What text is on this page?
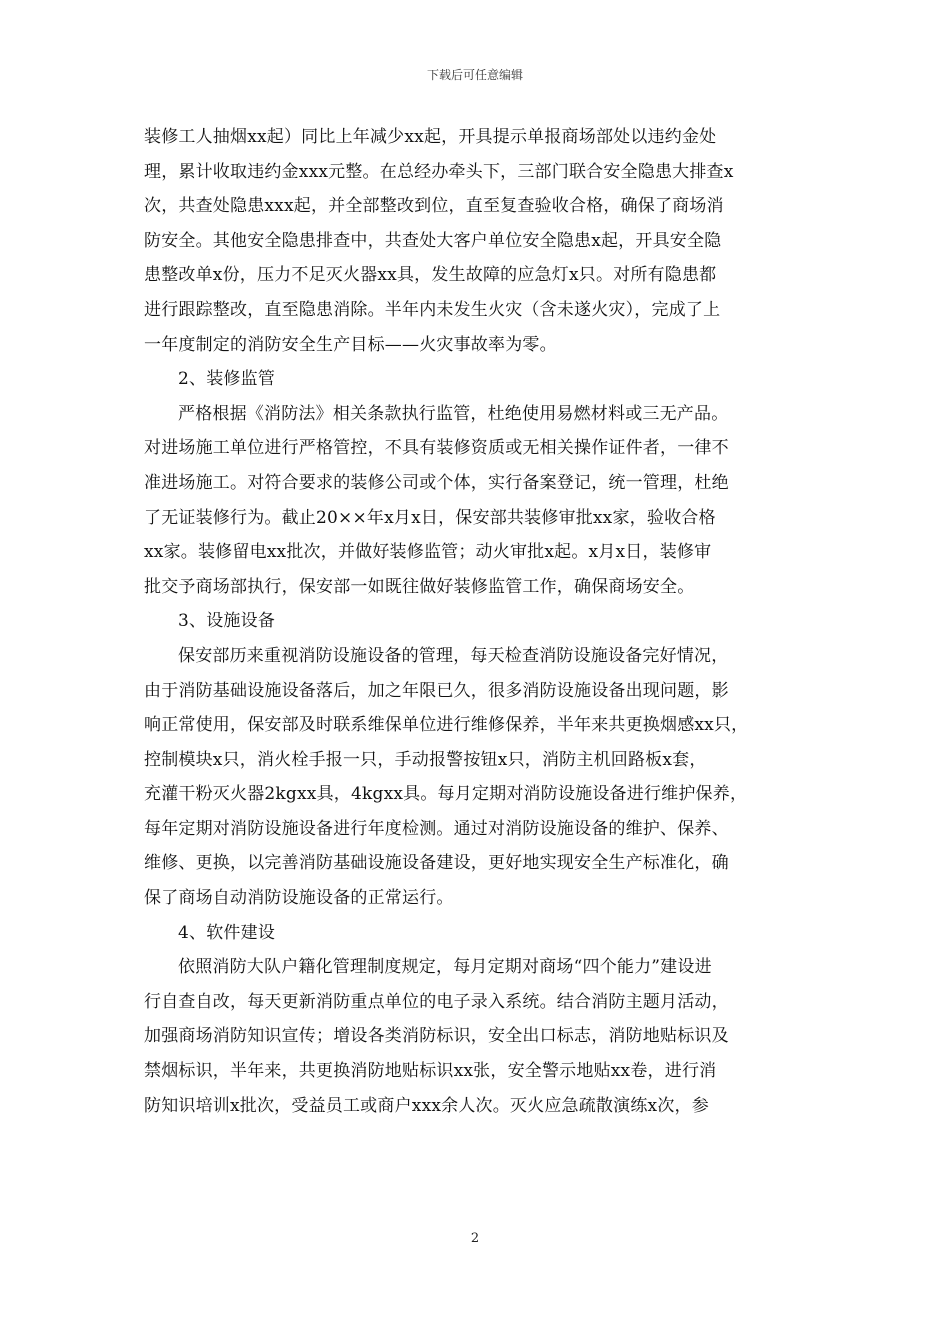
下载后可任意编辑
装修工人抽烟xx起）同比上年减少xx起，开具提示单报商场部处以违约金处
理，累计收取违约金xxx元整。在总经办牵头下，三部门联合安全隐患大排查x
次，共查处隐患xxx起，并全部整改到位，直至复查验收合格，确保了商场消
防安全。其他安全隐患排查中，共查处大客户单位安全隐患x起，开具安全隐
患整改单x份，压力不足灭火器xx具，发生故障的应急灯x只。对所有隐患都
进行跟踪整改，直至隐患消除。半年内未发生火灾（含未遂火灾），完成了上
一年度制定的消防安全生产目标——火灾事故率为零。
2、装修监管
严格根据《消防法》相关条款执行监管，杜绝使用易燃材料或三无产品。
对进场施工单位进行严格管控，不具有装修资质或无相关操作证件者，一律不
准进场施工。对符合要求的装修公司或个体，实行备案登记，统一管理，杜绝
了无证装修行为。截止20××年x月x日，保安部共装修审批xx家，验收合格
xx家。装修留电xx批次，并做好装修监管；动火审批x起。x月x日，装修审
批交予商场部执行，保安部一如既往做好装修监管工作，确保商场安全。
3、设施设备
保安部历来重视消防设施设备的管理，每天检查消防设施设备完好情况，
由于消防基础设施设备落后，加之年限已久，很多消防设施设备出现问题，影
响正常使用，保安部及时联系维保单位进行维修保养，半年来共更换烟感xx只，
控制模块x只，消火栓手报一只，手动报警按钮x只，消防主机回路板x套，
充灌干粉灭火器2kgxx具，4kgxx具。每月定期对消防设施设备进行维护保养，
每年定期对消防设施设备进行年度检测。通过对消防设施设备的维护、保养、
维修、更换，以完善消防基础设施设备建设，更好地实现安全生产标准化，确
保了商场自动消防设施设备的正常运行。
4、软件建设
依照消防大队户籍化管理制度规定，每月定期对商场“四个能力”建设进
行自查自改，每天更新消防重点单位的电子录入系统。结合消防主题月活动，
加强商场消防知识宣传；增设各类消防标识，安全出口标志，消防地贴标识及
禁烟标识，半年来，共更换消防地贴标识xx张，安全警示地贴xx卷，进行消
防知识培训x批次，受益员工或商户xxx余人次。灭火应急疏散演练x次，参
2
